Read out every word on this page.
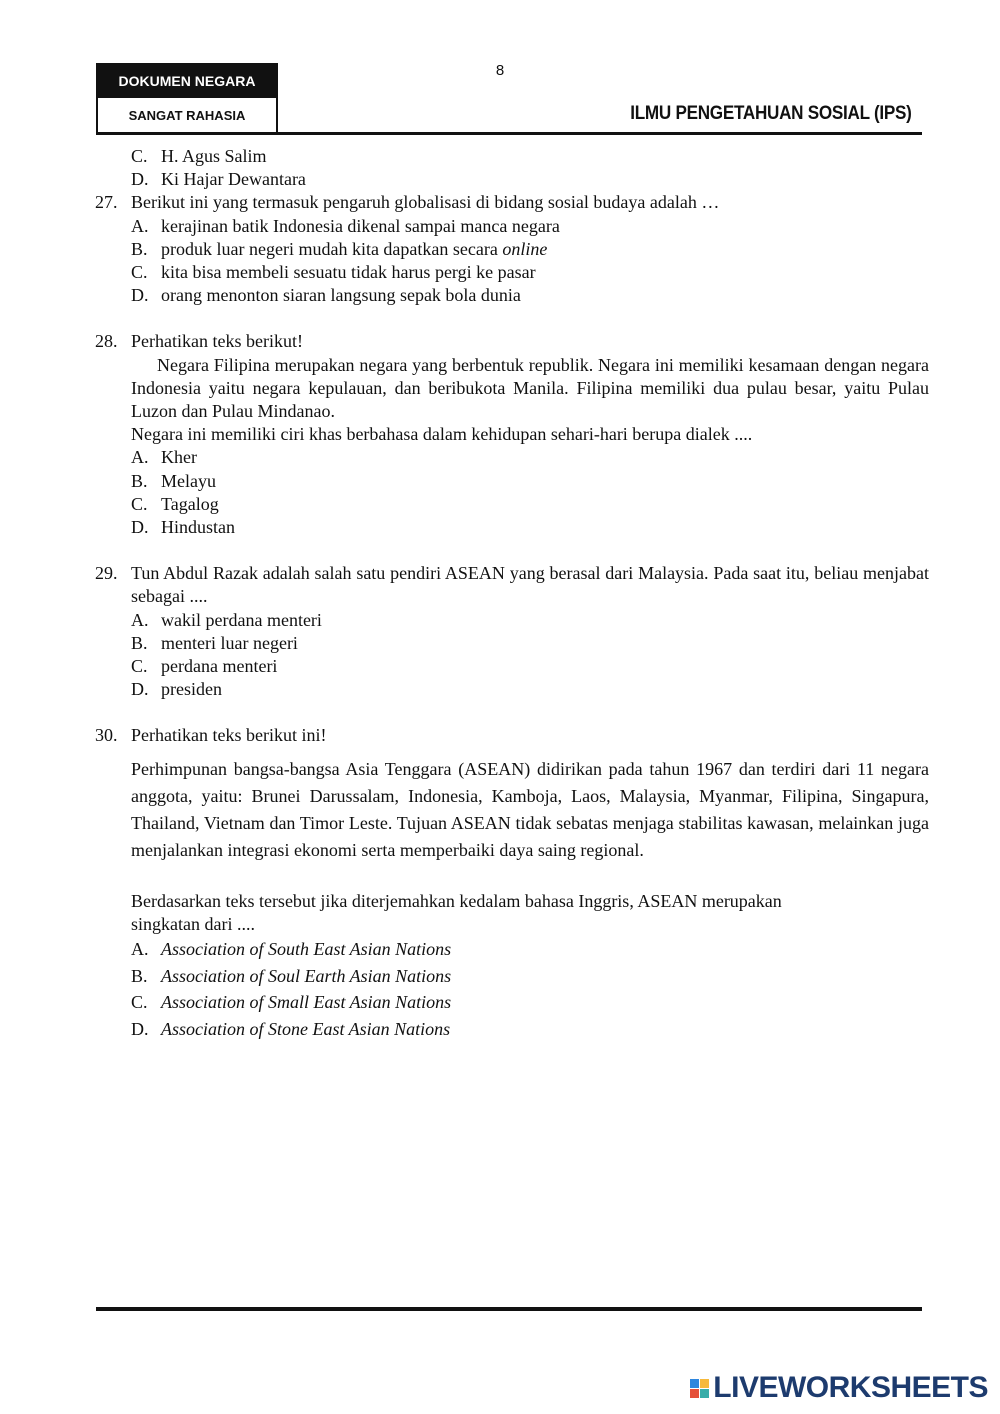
8
DOKUMEN NEGARA
SANGAT RAHASIA	ILMU PENGETAHUAN SOSIAL (IPS)
C. H. Agus Salim
D. Ki Hajar Dewantara
27. Berikut ini yang termasuk pengaruh globalisasi di bidang sosial budaya adalah …
A. kerajinan batik Indonesia dikenal sampai manca negara
B. produk luar negeri mudah kita dapatkan secara online
C. kita bisa membeli sesuatu tidak harus pergi ke pasar
D. orang menonton siaran langsung sepak bola dunia
28. Perhatikan teks berikut!
Negara Filipina merupakan negara yang berbentuk republik. Negara ini memiliki kesamaan dengan negara Indonesia yaitu negara kepulauan, dan beribukota Manila. Filipina memiliki dua pulau besar, yaitu Pulau Luzon dan Pulau Mindanao.
Negara ini memiliki ciri khas berbahasa dalam kehidupan sehari-hari berupa dialek ....
A. Kher
B. Melayu
C. Tagalog
D. Hindustan
29. Tun Abdul Razak adalah salah satu pendiri ASEAN yang berasal dari Malaysia. Pada saat itu, beliau menjabat sebagai ....
A. wakil perdana menteri
B. menteri luar negeri
C. perdana menteri
D. presiden
30. Perhatikan teks berikut ini!
Perhimpunan bangsa-bangsa Asia Tenggara (ASEAN) didirikan pada tahun 1967 dan terdiri dari 11 negara anggota, yaitu: Brunei Darussalam, Indonesia, Kamboja, Laos, Malaysia, Myanmar, Filipina, Singapura, Thailand, Vietnam dan Timor Leste. Tujuan ASEAN tidak sebatas menjaga stabilitas kawasan, melainkan juga menjalankan integrasi ekonomi serta memperbaiki daya saing regional.
Berdasarkan teks tersebut jika diterjemahkan kedalam bahasa Inggris, ASEAN merupakan
singkatan dari ....
A. Association of South East Asian Nations
B. Association of Soul Earth Asian Nations
C. Association of Small East Asian Nations
D. Association of Stone East Asian Nations
LIVEWORKSHEETS
